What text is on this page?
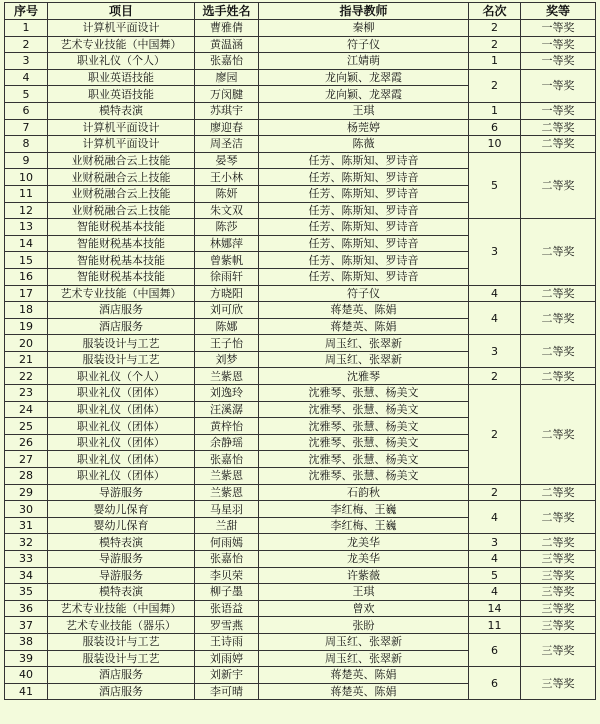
序号	项目	选手姓名	指导教师	名次	奖等
1	计算机平面设计	曹雅倩	秦柳	2	一等奖
2	艺术专业技能（中国舞）	黄温涵	符子仪	2	一等奖
3	职业礼仪（个人）	张嘉怡	江婧萌	1	一等奖
4	职业英语技能	廖园	龙向颖、龙翠霞	2	一等奖
5	职业英语技能	万闵腱	龙向颖、龙翠霞		
6	模特表演	苏琪宇	王琪	1	一等奖
7	计算机平面设计	廖迎春	杨莞婷	6	二等奖
8	计算机平面设计	周圣洁	陈薇	10	二等奖
9	业财税融合云上技能	晏琴	任芳、陈斯知、罗诗音	5	二等奖
10	业财税融合云上技能	王小林	任芳、陈斯知、罗诗音		
11	业财税融合云上技能	陈妍	任芳、陈斯知、罗诗音		
12	业财税融合云上技能	朱文双	任芳、陈斯知、罗诗音		
13	智能财税基本技能	陈莎	任芳、陈斯知、罗诗音	3	二等奖
14	智能财税基本技能	林娜萍	任芳、陈斯知、罗诗音		
15	智能财税基本技能	曾紫帆	任芳、陈斯知、罗诗音		
16	智能财税基本技能	徐雨轩	任芳、陈斯知、罗诗音		
17	艺术专业技能（中国舞）	方晓阳	符子仪	4	二等奖
18	酒店服务	刘可欣	蒋楚英、陈娟	4	二等奖
19	酒店服务	陈娜	蒋楚英、陈娟		
20	服装设计与工艺	王子怡	周玉红、张翠新	3	二等奖
21	服装设计与工艺	刘梦	周玉红、张翠新		
22	职业礼仪（个人）	兰紫恩	沈雅琴	2	二等奖
23	职业礼仪（团体）	刘逸玲	沈雅琴、张慧、杨美文	2	二等奖
24	职业礼仪（团体）	汪溪潺	沈雅琴、张慧、杨美文		
25	职业礼仪（团体）	黄梓怡	沈雅琴、张慧、杨美文		
26	职业礼仪（团体）	余静瑶	沈雅琴、张慧、杨美文		
27	职业礼仪（团体）	张嘉怡	沈雅琴、张慧、杨美文		
28	职业礼仪（团体）	兰紫恩	沈雅琴、张慧、杨美文		
29	导游服务	兰紫恩	石韵秋	2	二等奖
30	婴幼儿保育	马星羽	李红梅、王巍	4	二等奖
31	婴幼儿保育	兰甜	李红梅、王巍		
32	模特表演	何雨嫣	龙美华	3	二等奖
33	导游服务	张嘉怡	龙美华	4	三等奖
34	导游服务	李贝荣	许紫薇	5	三等奖
35	模特表演	柳子墨	王琪	4	三等奖
36	艺术专业技能（中国舞）	张语益	曾欢	14	三等奖
37	艺术专业技能（器乐）	罗雪燕	张盼	11	三等奖
38	服装设计与工艺	王诗雨	周玉红、张翠新	6	三等奖
39	服装设计与工艺	刘雨婷	周玉红、张翠新		
40	酒店服务	刘新宇	蒋楚英、陈娟	6	三等奖
41	酒店服务	李可晴	蒋楚英、陈娟		
